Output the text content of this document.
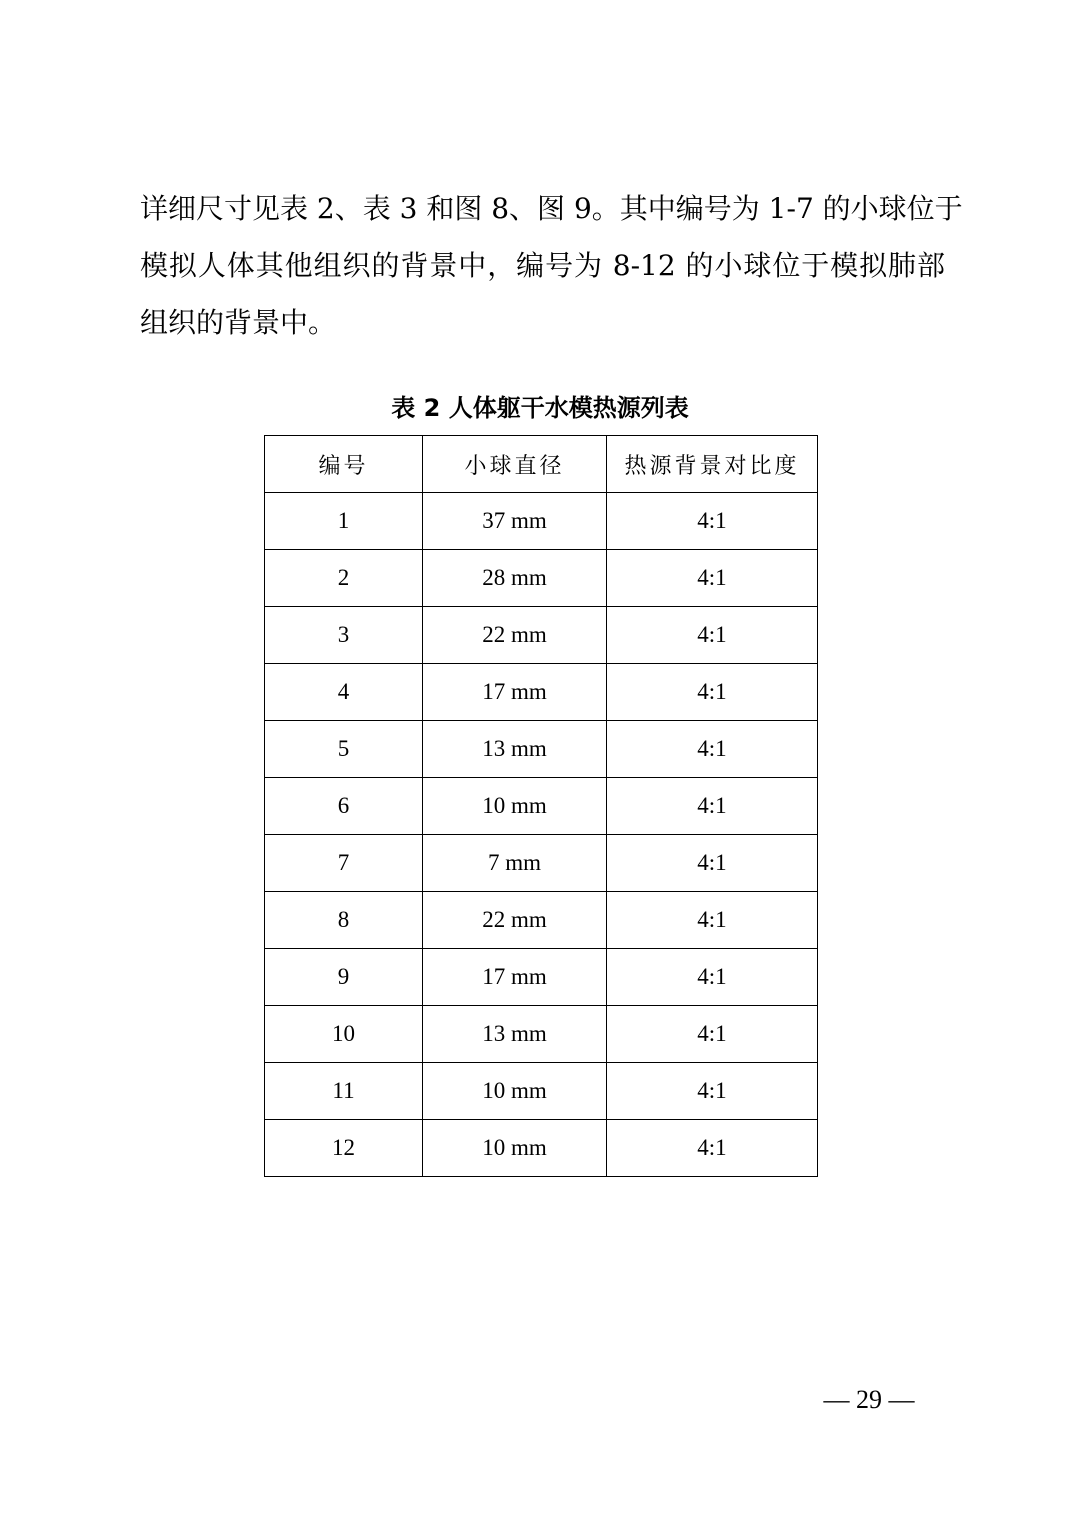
详细尺寸见表 2、表 3 和图 8、图 9。其中编号为 1-7 的小球位于
模拟人体其他组织的背景中，编号为 8-12 的小球位于模拟肺部
组织的背景中。
表 2 人体躯干水模热源列表
编号	小球直径	热源背景对比度
1	37 mm	4:1
2	28 mm	4:1
3	22 mm	4:1
4	17 mm	4:1
5	13 mm	4:1
6	10 mm	4:1
7	7 mm	4:1
8	22 mm	4:1
9	17 mm	4:1
10	13 mm	4:1
11	10 mm	4:1
12	10 mm	4:1
— 29 —
